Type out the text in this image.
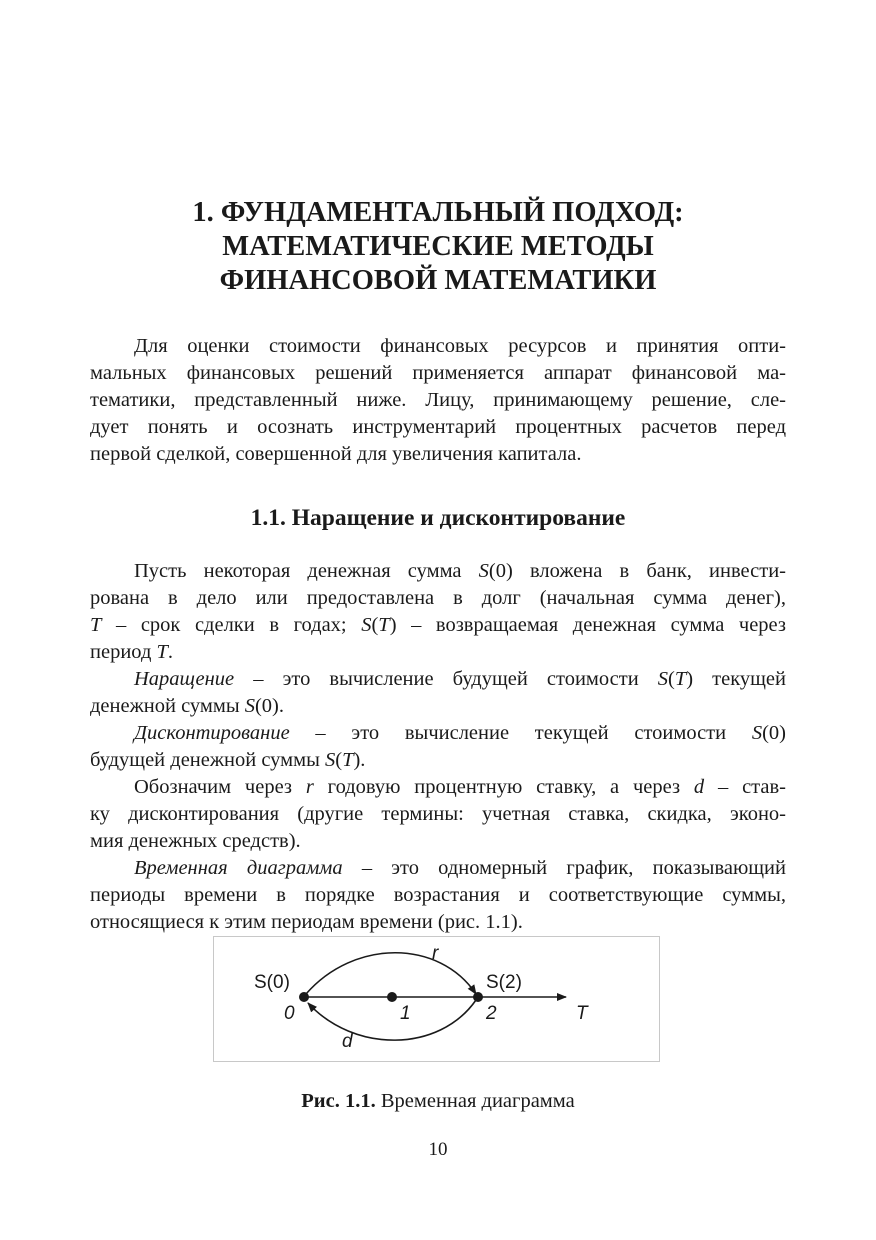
1. ФУНДАМЕНТАЛЬНЫЙ ПОДХОД:
МАТЕМАТИЧЕСКИЕ МЕТОДЫ
ФИНАНСОВОЙ МАТЕМАТИКИ
Для оценки стоимости финансовых ресурсов и принятия опти-
мальных финансовых решений применяется аппарат финансовой ма-
тематики, представленный ниже. Лицу, принимающему решение, сле-
дует понять и осознать инструментарий процентных расчетов перед
первой сделкой, совершенной для увеличения капитала.
1.1. Наращение и дисконтирование
Пусть некоторая денежная сумма S(0) вложена в банк, инвести-
рована в дело или предоставлена в долг (начальная сумма денег),
T – срок сделки в годах; S(T) – возвращаемая денежная сумма через
период T.
Наращение – это вычисление будущей стоимости S(T) текущей
денежной суммы S(0).
Дисконтирование – это вычисление текущей стоимости S(0)
будущей денежной суммы S(T).
Обозначим через r годовую процентную ставку, а через d – став-
ку дисконтирования (другие термины: учетная ставка, скидка, эконо-
мия денежных средств).
Временная диаграмма – это одномерный график, показывающий
периоды времени в порядке возрастания и соответствующие суммы,
относящиеся к этим периодам времени (рис. 1.1).
S(0)	S(2)
0	1	2	T
r
d
Рис. 1.1. Временная диаграмма
10
